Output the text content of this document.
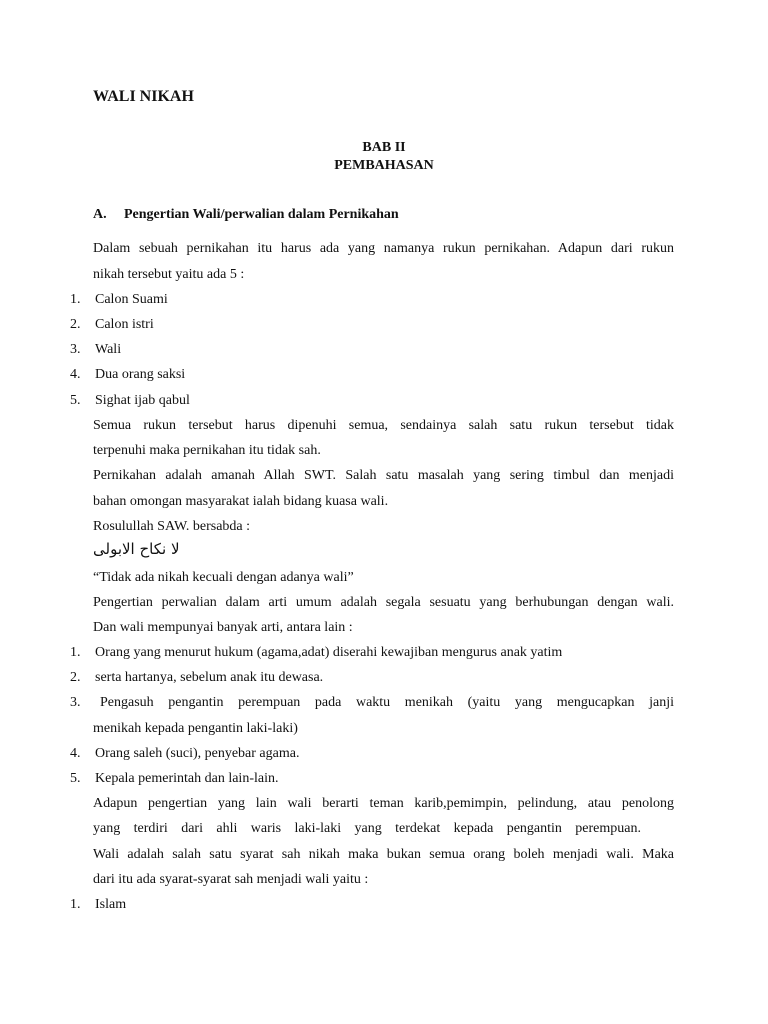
WALI NIKAH
BAB II
PEMBAHASAN
A. Pengertian Wali/perwalian dalam Pernikahan
Dalam sebuah pernikahan itu harus ada yang namanya rukun pernikahan. Adapun dari rukun
nikah tersebut yaitu ada 5 :
1. Calon Suami
2. Calon istri
3. Wali
4. Dua orang saksi
5. Sighat ijab qabul
Semua rukun tersebut harus dipenuhi semua, sendainya salah satu rukun tersebut tidak
terpenuhi maka pernikahan itu tidak sah.
Pernikahan adalah amanah Allah SWT. Salah satu masalah yang sering timbul dan menjadi
bahan omongan masyarakat ialah bidang kuasa wali.
Rosulullah SAW. bersabda :
لا نكاح الابولى
“Tidak ada nikah kecuali dengan adanya wali”
Pengertian perwalian dalam arti umum adalah segala sesuatu yang berhubungan dengan wali.
Dan wali mempunyai banyak arti, antara lain :
1. Orang yang menurut hukum (agama,adat) diserahi kewajiban mengurus anak yatim
2. serta hartanya, sebelum anak itu dewasa.
3. Pengasuh pengantin perempuan pada waktu menikah (yaitu yang mengucapkan janji
menikah kepada pengantin laki-laki)
4. Orang saleh (suci), penyebar agama.
5. Kepala pemerintah dan lain-lain.
Adapun pengertian yang lain wali berarti teman karib,pemimpin, pelindung, atau penolong
yang terdiri dari ahli waris laki-laki yang terdekat kepada pengantin perempuan.
Wali adalah salah satu syarat sah nikah maka bukan semua orang boleh menjadi wali. Maka
dari itu ada syarat-syarat sah menjadi wali yaitu :
1. Islam
